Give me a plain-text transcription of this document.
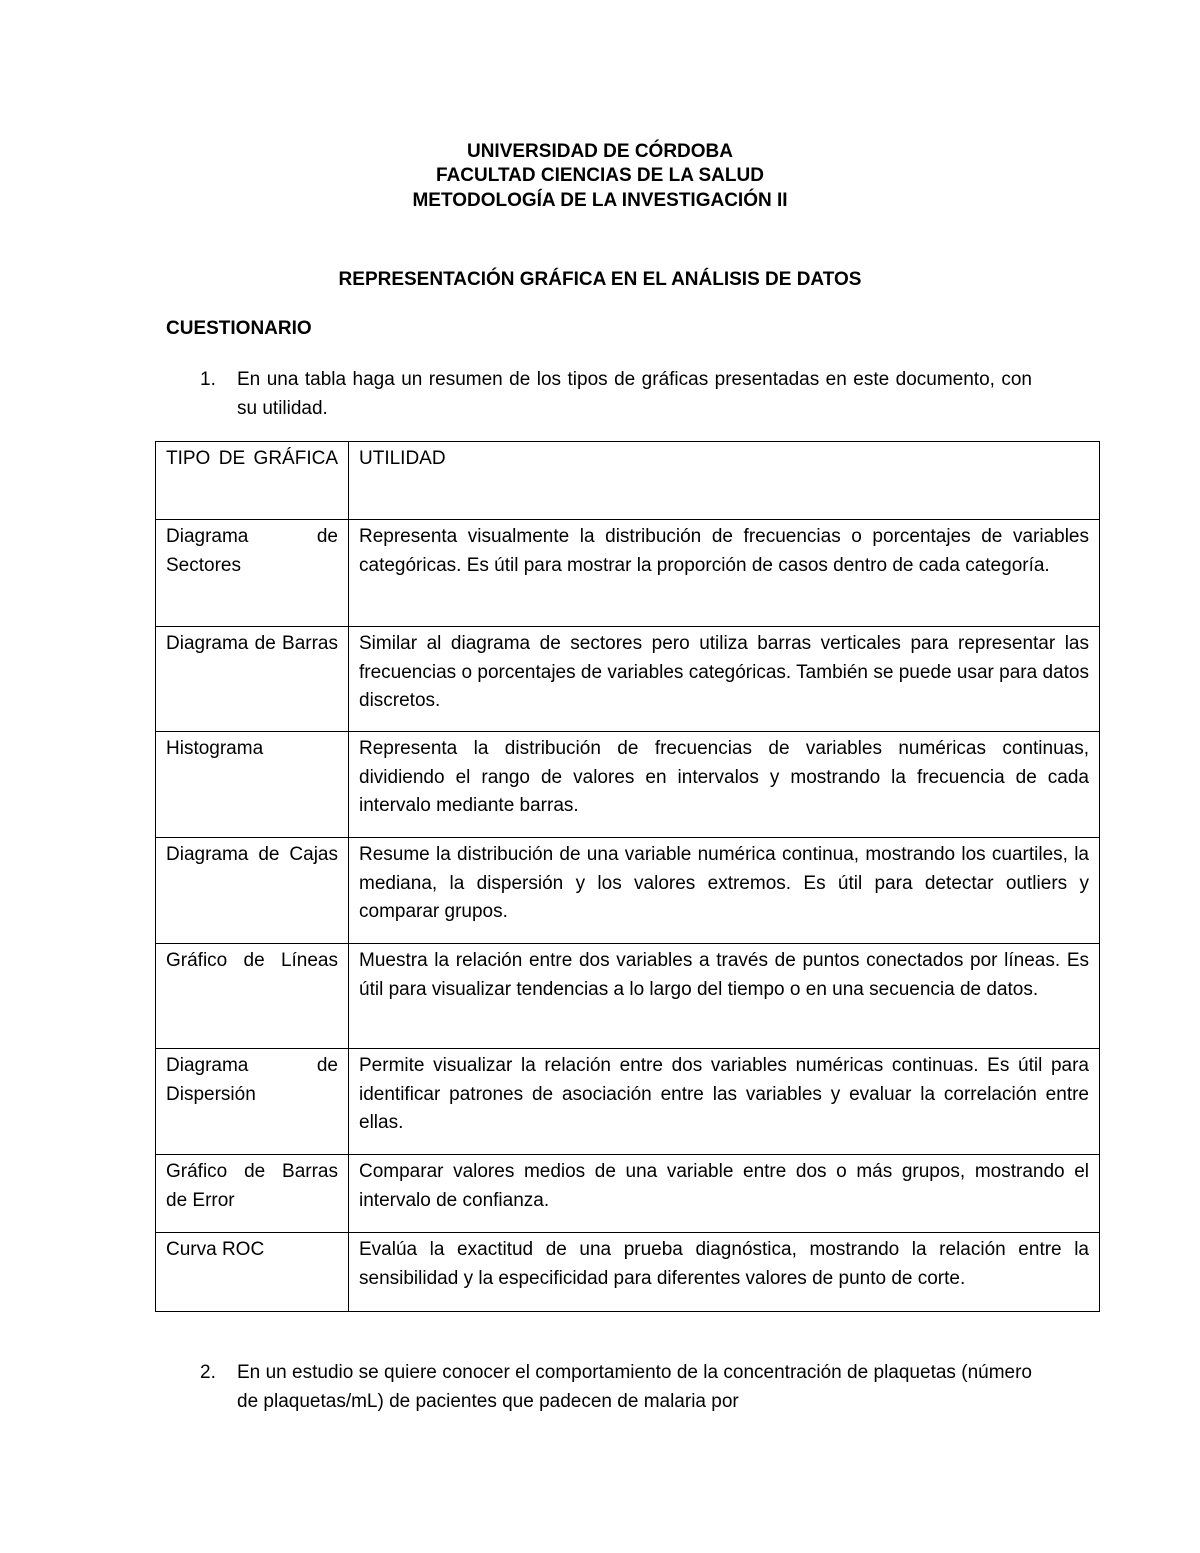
UNIVERSIDAD DE CÓRDOBA
FACULTAD CIENCIAS DE LA SALUD
METODOLOGÍA DE LA INVESTIGACIÓN II
REPRESENTACIÓN GRÁFICA EN EL ANÁLISIS DE DATOS
CUESTIONARIO
1. En una tabla haga un resumen de los tipos de gráficas presentadas en este documento, con su utilidad.
TIPO DE GRÁFICA	UTILIDAD
Diagrama de Sectores	Representa visualmente la distribución de frecuencias o porcentajes de variables categóricas. Es útil para mostrar la proporción de casos dentro de cada categoría.
Diagrama de Barras	Similar al diagrama de sectores pero utiliza barras verticales para representar las frecuencias o porcentajes de variables categóricas. También se puede usar para datos discretos.
Histograma	Representa la distribución de frecuencias de variables numéricas continuas, dividiendo el rango de valores en intervalos y mostrando la frecuencia de cada intervalo mediante barras.
Diagrama de Cajas	Resume la distribución de una variable numérica continua, mostrando los cuartiles, la mediana, la dispersión y los valores extremos. Es útil para detectar outliers y comparar grupos.
Gráfico de Líneas	Muestra la relación entre dos variables a través de puntos conectados por líneas. Es útil para visualizar tendencias a lo largo del tiempo o en una secuencia de datos.
Diagrama de Dispersión	Permite visualizar la relación entre dos variables numéricas continuas. Es útil para identificar patrones de asociación entre las variables y evaluar la correlación entre ellas.
Gráfico de Barras de Error	Comparar valores medios de una variable entre dos o más grupos, mostrando el intervalo de confianza.
Curva ROC	Evalúa la exactitud de una prueba diagnóstica, mostrando la relación entre la sensibilidad y la especificidad para diferentes valores de punto de corte.
2. En un estudio se quiere conocer el comportamiento de la concentración de plaquetas (número de plaquetas/mL) de pacientes que padecen de malaria por
